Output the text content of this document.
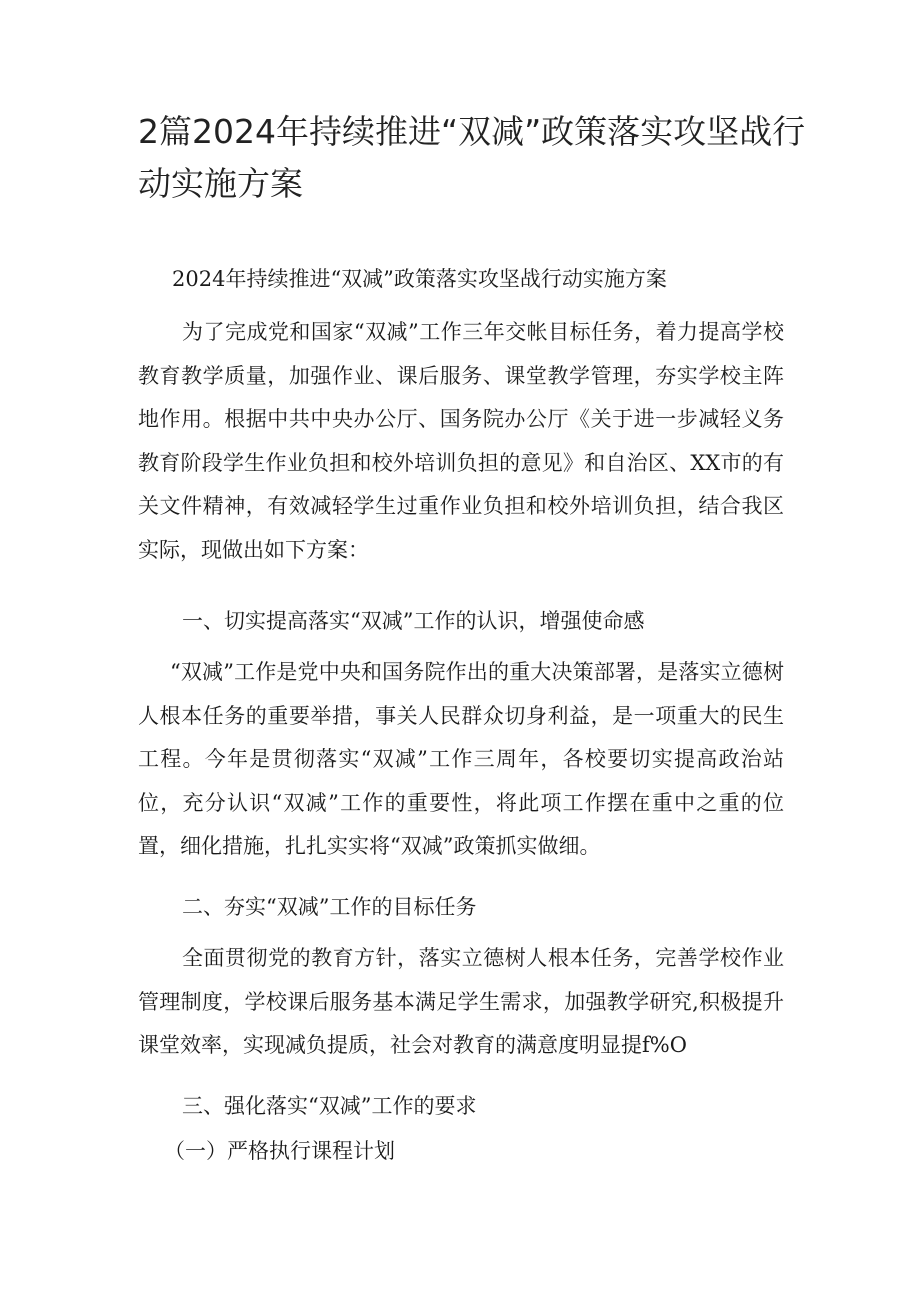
2篇2024年持续推进“双减”政策落实攻坚战行动实施方案

2024年持续推进“双减”政策落实攻坚战行动实施方案

为了完成党和国家“双减”工作三年交帐目标任务，着力提高学校教育教学质量，加强作业、课后服务、课堂教学管理，夯实学校主阵地作用。根据中共中央办公厅、国务院办公厅《关于进一步减轻义务教育阶段学生作业负担和校外培训负担的意见》和自治区、XX市的有关文件精神，有效减轻学生过重作业负担和校外培训负担，结合我区实际，现做出如下方案：

一、切实提高落实“双减”工作的认识，增强使命感

“双减”工作是党中央和国务院作出的重大决策部署，是落实立德树人根本任务的重要举措，事关人民群众切身利益，是一项重大的民生工程。今年是贯彻落实“双减”工作三周年，各校要切实提高政治站位，充分认识“双减”工作的重要性，将此项工作摆在重中之重的位置，细化措施，扎扎实实将“双减”政策抓实做细。

二、夯实“双减”工作的目标任务

全面贯彻党的教育方针，落实立德树人根本任务，完善学校作业管理制度，学校课后服务基本满足学生需求，加强教学研究,积极提升课堂效率，实现减负提质，社会对教育的满意度明显提f%O

三、强化落实“双减”工作的要求

（一）严格执行课程计划
